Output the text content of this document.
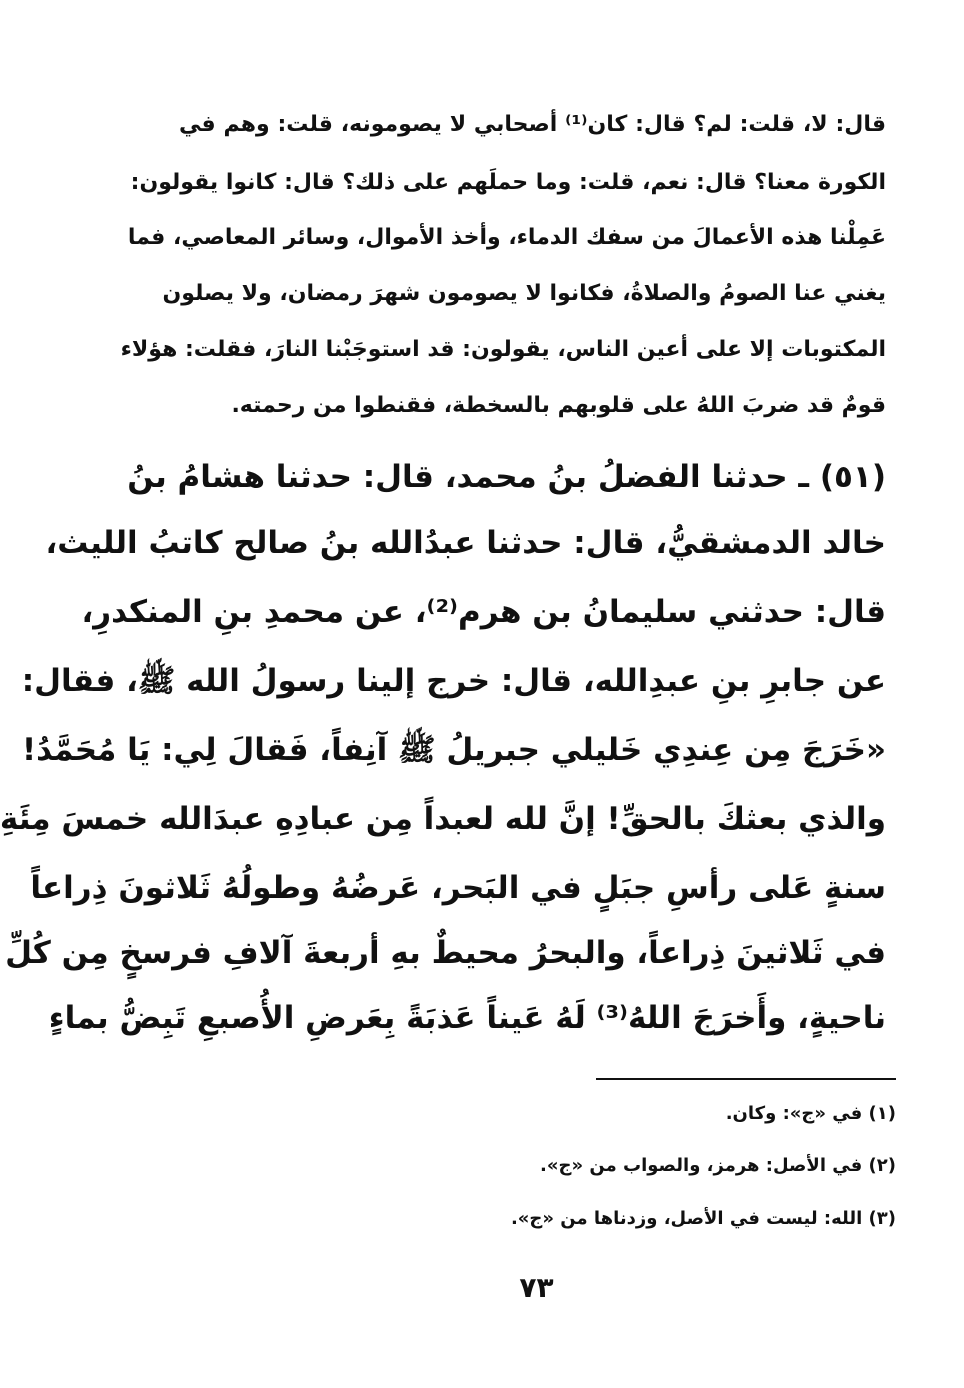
قال: لا، قلت: لم؟ قال: كان⁽¹⁾ أصحابي لا يصومونه، قلت: وهم في
الكورة معنا؟ قال: نعم، قلت: وما حملَهم على ذلك؟ قال: كانوا يقولون:
عَمِلْنا هذه الأعمالَ من سفك الدماء، وأخذ الأموال، وسائر المعاصي، فما
يغني عنا الصومُ والصلاةُ، فكانوا لا يصومون شهرَ رمضان، ولا يصلون
المكتوبات إلا على أعين الناس، يقولون: قد استوجَبْنا النارَ، فقلت: هؤلاء
قومٌ قد ضربَ اللهُ على قلوبهم بالسخطة، فقنطوا من رحمته.
(٥١) ـ حدثنا الفضلُ بنُ محمد، قال: حدثنا هشامُ بنُ
خالد الدمشقيُّ، قال: حدثنا عبدُالله بنُ صالح كاتبُ الليث،
قال: حدثني سليمانُ بن هرم⁽²⁾، عن محمدِ بنِ المنكدرِ،
عن جابرِ بنِ عبدِالله، قال: خرج إلينا رسولُ الله ﷺ، فقال:
«خَرَجَ مِن عِندِي خَليلي جبريلُ ﷺ آنِفاً، فَقالَ لِي: يَا مُحَمَّدُ!
والذي بعثكَ بالحقِّ! إنَّ لله لعبداً مِن عبادِهِ عبدَالله خمسَ مِئَةِ
سنةٍ عَلى رأسِ جبَلٍ في البَحر، عَرضُهُ وطولُهُ ثَلاثونَ ذِراعاً
في ثَلاثينَ ذِراعاً، والبحرُ محيطٌ بهِ أربعةَ آلافِ فرسخٍ مِن كُلِّ
ناحيةٍ، وأَخرَجَ اللهُ⁽³⁾ لَهُ عَيناً عَذبَةً بِعَرضِ الأُصبعِ تَبِضُّ بماءٍ
(١) في «ج»: وكان.
(٢) في الأصل: هرمز، والصواب من «ج».
(٣) الله: ليست في الأصل، وزدناها من «ج».
٧٣
